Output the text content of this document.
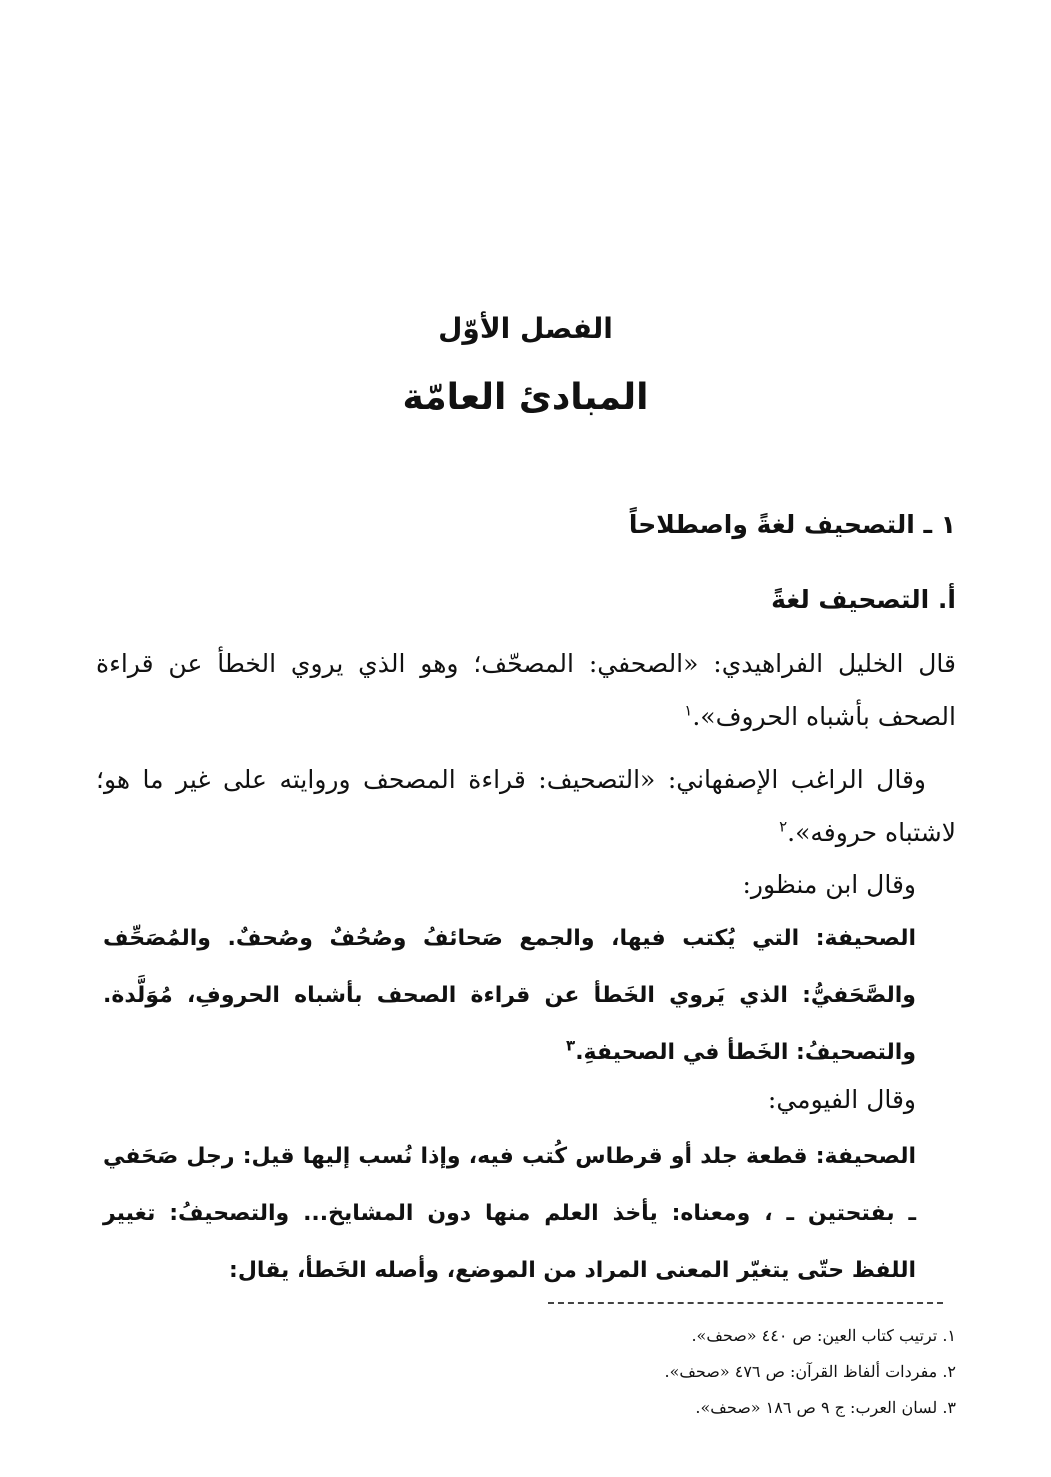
الفصل الأوّل
المبادئ العامّة
١ ـ التصحيف لغةً واصطلاحاً
أ. التصحيف لغةً
قال الخليل الفراهيدي: «الصحفي: المصحّف؛ وهو الذي يروي الخطأ عن قراءة الصحف بأشباه الحروف».$^١$
وقال الراغب الإصفهاني: «التصحيف: قراءة المصحف وروايته على غير ما هو؛ لاشتباه حروفه».$^٢$
وقال ابن منظور:
الصحيفة: التي يُكتب فيها، والجمع صَحائفُ وصُحُفٌ وصُحفٌ. والمُصَحِّف والصَّحَفيُّ: الذي يَروي الخَطأ عن قراءة الصحف بأشباه الحروفِ، مُوَلَّدة. والتصحيفُ: الخَطأ في الصحيفةِ.$^٣$
وقال الفيومي:
الصحيفة: قطعة جلد أو قرطاس كُتب فيه، وإذا نُسب إليها قيل: رجل صَحَفي ـ بفتحتين ـ ، ومعناه: يأخذ العلم منها دون المشايخ... والتصحيفُ: تغيير اللفظ حتّى يتغيّر المعنى المراد من الموضع، وأصله الخَطأ، يقال:
١. ترتيب كتاب العين: ص ٤٤٠ «صحف».
٢. مفردات ألفاظ القرآن: ص ٤٧٦ «صحف».
٣. لسان العرب: ج ٩ ص ١٨٦ «صحف».
